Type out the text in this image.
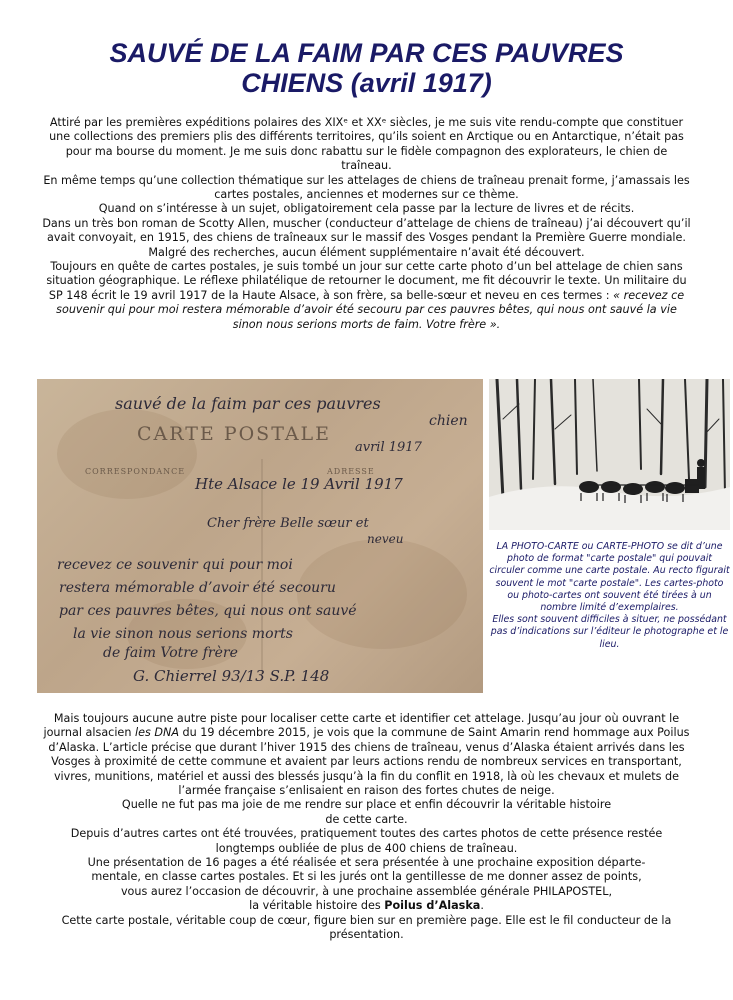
SAUVÉ DE LA FAIM PAR CES PAUVRES
CHIENS (avril 1917)

Attiré par les premières expéditions polaires des XIXᵉ et XXᵉ siècles, je me suis vite rendu-compte que constituer une collections des premiers plis des différents territoires, qu’ils soient en Arctique ou en Antarctique, n’était pas pour ma bourse du moment. Je me suis donc rabattu sur le fidèle compagnon des explorateurs, le chien de traîneau.

En même temps qu’une collection thématique sur les attelages de chiens de traîneau prenait forme, j’amassais les cartes postales, anciennes et modernes sur ce thème.

Quand on s’intéresse à un sujet, obligatoirement cela passe par la lecture de livres et de récits.

Dans un très bon roman de Scotty Allen, muscher (conducteur d’attelage de chiens de traîneau) j’ai découvert qu’il avait convoyait, en 1915, des chiens de traîneaux sur le massif des Vosges pendant la Première Guerre mondiale.

Malgré des recherches, aucun élément supplémentaire n’avait été découvert.

Toujours en quête de cartes postales, je suis tombé un jour sur cette carte photo d’un bel attelage de chien sans situation géographique. Le réflexe philatélique de retourner le document, me fit découvrir le texte. Un militaire du SP 148 écrit le 19 avril 1917 de la Haute Alsace, à son frère, sa belle-sœur et neveu en ces termes : « recevez ce souvenir qui pour moi restera mémorable d’avoir été secouru par ces pauvres bêtes, qui nous ont sauvé la vie sinon nous serions morts de faim. Votre frère ».

CARTE POSTALE
CORRESPONDANCE	ADRESSE
sauvé de la faim par ces pauvres
chien
avril 1917
Hte Alsace le 19 Avril 1917
Cher frère Belle sœur et
neveu
recevez ce souvenir qui pour moi
restera mémorable d’avoir été secouru
par ces pauvres bêtes, qui nous ont sauvé
la vie sinon nous serions morts
de faim Votre frère
G. Chierrel 93/13 S.P. 148

LA PHOTO-CARTE ou CARTE-PHOTO se dit d’une photo de format "carte postale" qui pouvait circuler comme une carte postale. Au recto figurait souvent le mot "carte postale". Les cartes-photo ou photo-cartes ont souvent été tirées à un nombre limité d’exemplaires.

Elles sont souvent difficiles à situer, ne possédant pas d’indications sur l’éditeur le photographe et le lieu.

Mais toujours aucune autre piste pour localiser cette carte et identifier cet attelage. Jusqu’au jour où ouvrant le journal alsacien les DNA du 19 décembre 2015, je vois que la commune de Saint Amarin rend hommage aux Poilus d’Alaska. L’article précise que durant l’hiver 1915 des chiens de traîneau, venus d’Alaska étaient arrivés dans les Vosges à proximité de cette commune et avaient par leurs actions rendu de nombreux services en transportant, vivres, munitions, matériel et aussi des blessés jusqu’à la fin du conflit en 1918, là où les chevaux et mulets de l’armée française s’enlisaient en raison des fortes chutes de neige.

Quelle ne fut pas ma joie de me rendre sur place et enfin découvrir la véritable histoire
de cette carte.

Depuis d’autres cartes ont été trouvées, pratiquement toutes des cartes photos de cette présence restée longtemps oubliée de plus de 400 chiens de traîneau.

Une présentation de 16 pages a été réalisée et sera présentée à une prochaine exposition départe-
mentale, en classe cartes postales. Et si les jurés ont la gentillesse de me donner assez de points,
vous aurez l’occasion de découvrir, à une prochaine assemblée générale PHILAPOSTEL,
la véritable histoire des Poilus d’Alaska.

Cette carte postale, véritable coup de cœur, figure bien sur en première page. Elle est le fil conducteur de la présentation.
